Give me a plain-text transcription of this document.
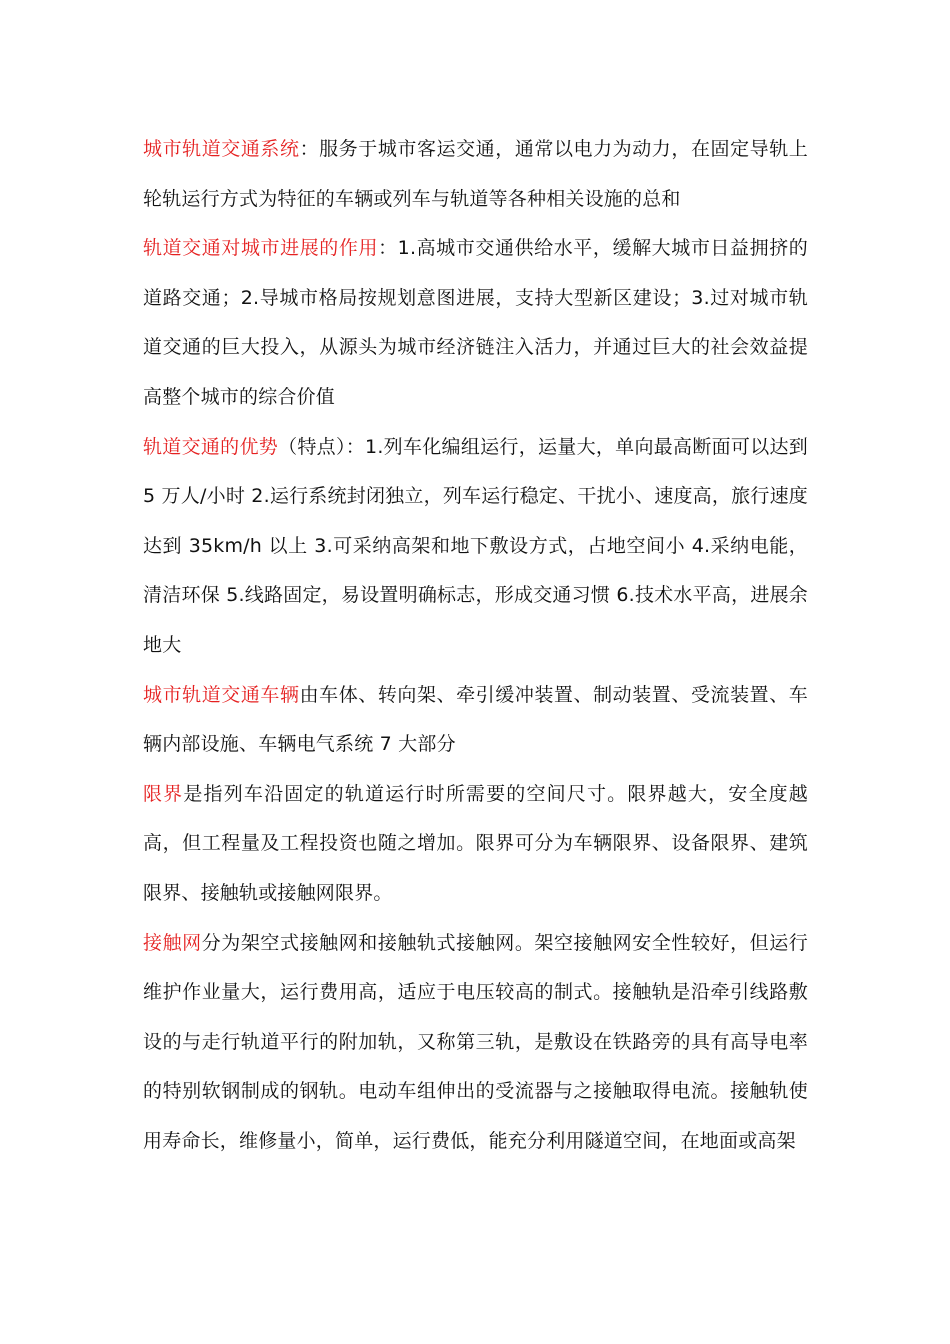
城市轨道交通系统：服务于城市客运交通，通常以电力为动力，在固定导轨上轮轨运行方式为特征的车辆或列车与轨道等各种相关设施的总和

轨道交通对城市进展的作用：1.高城市交通供给水平，缓解大城市日益拥挤的道路交通；2.导城市格局按规划意图进展，支持大型新区建设；3.过对城市轨道交通的巨大投入，从源头为城市经济链注入活力，并通过巨大的社会效益提高整个城市的综合价值

轨道交通的优势（特点）：1.列车化编组运行，运量大，单向最高断面可以达到 5 万人/小时 2.运行系统封闭独立，列车运行稳定、干扰小、速度高，旅行速度达到 35km/h 以上 3.可采纳高架和地下敷设方式，占地空间小 4.采纳电能，清洁环保 5.线路固定，易设置明确标志，形成交通习惯 6.技术水平高，进展余地大

城市轨道交通车辆由车体、转向架、牵引缓冲装置、制动装置、受流装置、车辆内部设施、车辆电气系统 7 大部分

限界是指列车沿固定的轨道运行时所需要的空间尺寸。限界越大，安全度越高，但工程量及工程投资也随之增加。限界可分为车辆限界、设备限界、建筑限界、接触轨或接触网限界。

接触网分为架空式接触网和接触轨式接触网。架空接触网安全性较好，但运行维护作业量大，运行费用高，适应于电压较高的制式。接触轨是沿牵引线路敷设的与走行轨道平行的附加轨，又称第三轨，是敷设在铁路旁的具有高导电率的特别软钢制成的钢轨。电动车组伸出的受流器与之接触取得电流。接触轨使用寿命长，维修量小，简单，运行费低，能充分利用隧道空间，在地面或高架
